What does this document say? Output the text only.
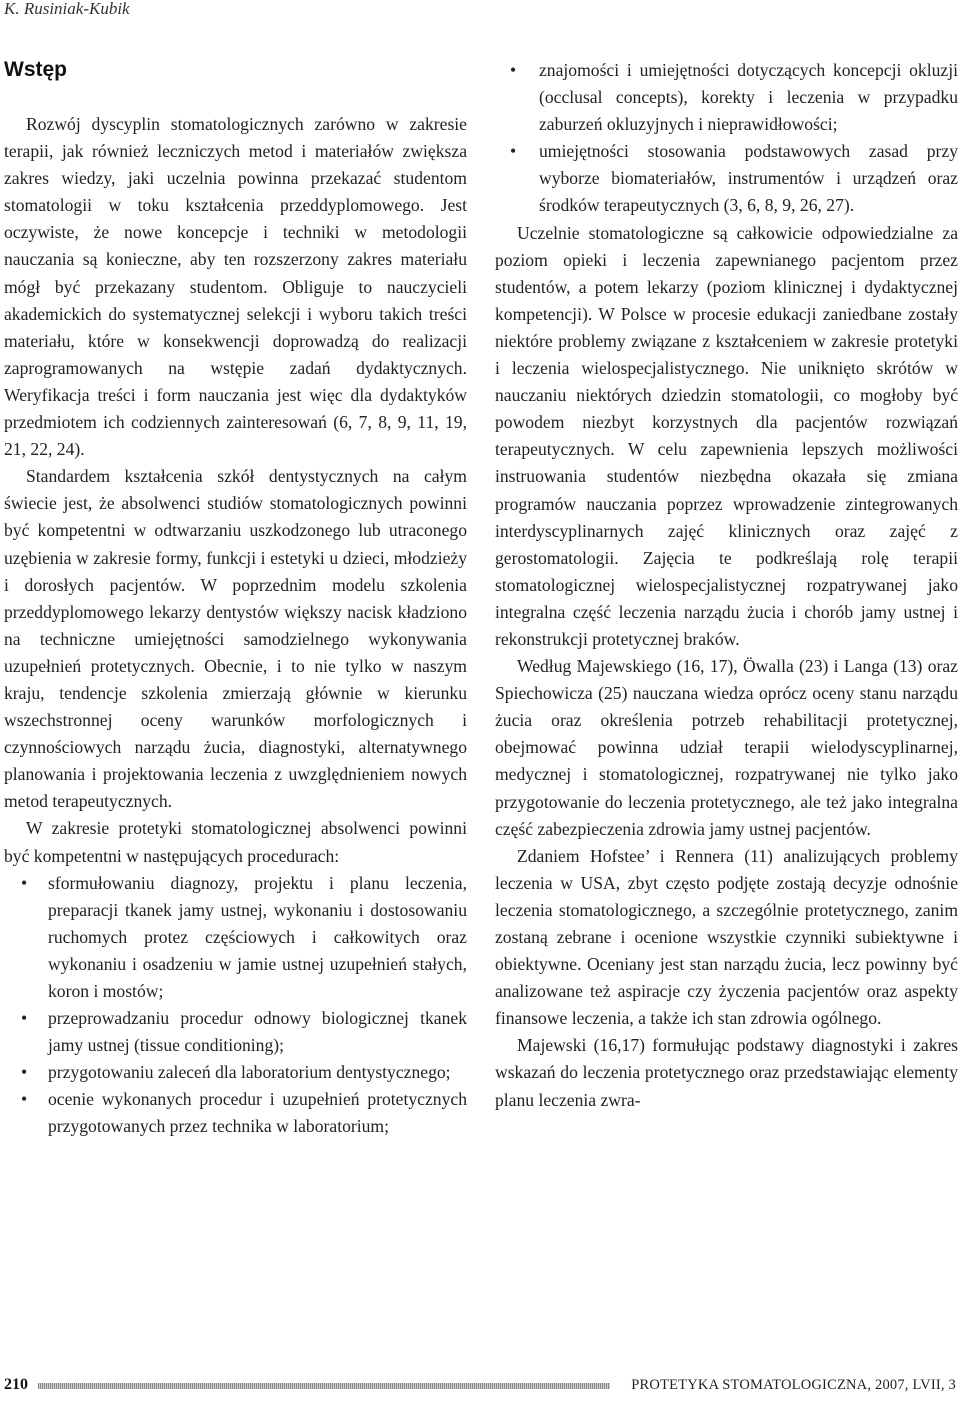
K. Rusiniak-Kubik
Wstęp

Rozwój dyscyplin stomatologicznych zarówno w zakresie terapii, jak również leczniczych metod i materiałów zwiększa zakres wiedzy, jaki uczelnia powinna przekazać studentom stomatologii w toku kształcenia przeddyplomowego. Jest oczywiste, że nowe koncepcje i techniki w metodologii nauczania są konieczne, aby ten rozszerzony zakres materiału mógł być przekazany studentom. Obliguje to nauczycieli akademickich do systematycznej selekcji i wyboru takich treści materiału, które w konsekwencji doprowadzą do realizacji zaprogramowanych na wstępie zadań dydaktycznych. Weryfikacja treści i form nauczania jest więc dla dydaktyków przedmiotem ich codziennych zainteresowań (6, 7, 8, 9, 11, 19, 21, 22, 24).

Standardem kształcenia szkół dentystycznych na całym świecie jest, że absolwenci studiów stomatologicznych powinni być kompetentni w odtwarzaniu uszkodzonego lub utraconego uzębienia w zakresie formy, funkcji i estetyki u dzieci, młodzieży i dorosłych pacjentów. W poprzednim modelu szkolenia przeddyplomowego lekarzy dentystów większy nacisk kładziono na techniczne umiejętności samodzielnego wykonywania uzupełnień protetycznych. Obecnie, i to nie tylko w naszym kraju, tendencje szkolenia zmierzają głównie w kierunku wszechstronnej oceny warunków morfologicznych i czynnościowych narządu żucia, diagnostyki, alternatywnego planowania i projektowania leczenia z uwzględnieniem nowych metod terapeutycznych.

W zakresie protetyki stomatologicznej absolwenci powinni być kompetentni w następujących procedurach:

• sformułowaniu diagnozy, projektu i planu leczenia, preparacji tkanek jamy ustnej, wykonaniu i dostosowaniu ruchomych protez częściowych i całkowitych oraz wykonaniu i osadzeniu w jamie ustnej uzupełnień stałych, koron i mostów;
• przeprowadzaniu procedur odnowy biologicznej tkanek jamy ustnej (tissue conditioning);
• przygotowaniu zaleceń dla laboratorium dentystycznego;
• ocenie wykonanych procedur i uzupełnień protetycznych przygotowanych przez technika w laboratorium;
• znajomości i umiejętności dotyczących koncepcji okluzji (occlusal concepts), korekty i leczenia w przypadku zaburzeń okluzyjnych i nieprawidłowości;
• umiejętności stosowania podstawowych zasad przy wyborze biomateriałów, instrumentów i urządzeń oraz środków terapeutycznych (3, 6, 8, 9, 26, 27).

Uczelnie stomatologiczne są całkowicie odpowiedzialne za poziom opieki i leczenia zapewnianego pacjentom przez studentów, a potem lekarzy (poziom klinicznej i dydaktycznej kompetencji). W Polsce w procesie edukacji zaniedbane zostały niektóre problemy związane z kształceniem w zakresie protetyki i leczenia wielospecjalistycznego. Nie uniknięto skrótów w nauczaniu niektórych dziedzin stomatologii, co mogłoby być powodem niezbyt korzystnych dla pacjentów rozwiązań terapeutycznych. W celu zapewnienia lepszych możliwości instruowania studentów niezbędna okazała się zmiana programów nauczania poprzez wprowadzenie zintegrowanych interdyscyplinarnych zajęć klinicznych oraz zajęć z gerostomatologii. Zajęcia te podkreślają rolę terapii stomatologicznej wielospecjalistycznej rozpatrywanej jako integralna część leczenia narządu żucia i chorób jamy ustnej i rekonstrukcji protetycznej braków.

Według Majewskiego (16, 17), Öwalla (23) i Langa (13) oraz Spiechowicza (25) nauczana wiedza oprócz oceny stanu narządu żucia oraz określenia potrzeb rehabilitacji protetycznej, obejmować powinna udział terapii wielodyscyplinarnej, medycznej i stomatologicznej, rozpatrywanej nie tylko jako przygotowanie do leczenia protetycznego, ale też jako integralna część zabezpieczenia zdrowia jamy ustnej pacjentów.

Zdaniem Hofstee’ i Rennera (11) analizujących problemy leczenia w USA, zbyt często podjęte zostają decyzje odnośnie leczenia stomatologicznego, a szczególnie protetycznego, zanim zostaną zebrane i ocenione wszystkie czynniki subiektywne i obiektywne. Oceniany jest stan narządu żucia, lecz powinny być analizowane też aspiracje czy życzenia pacjentów oraz aspekty finansowe leczenia, a także ich stan zdrowia ogólnego.

Majewski (16,17) formułując podstawy diagnostyki i zakres wskazań do leczenia protetycznego oraz przedstawiając elementy planu leczenia zwra-

210	PROTETYKA STOMATOLOGICZNA, 2007, LVII, 3
